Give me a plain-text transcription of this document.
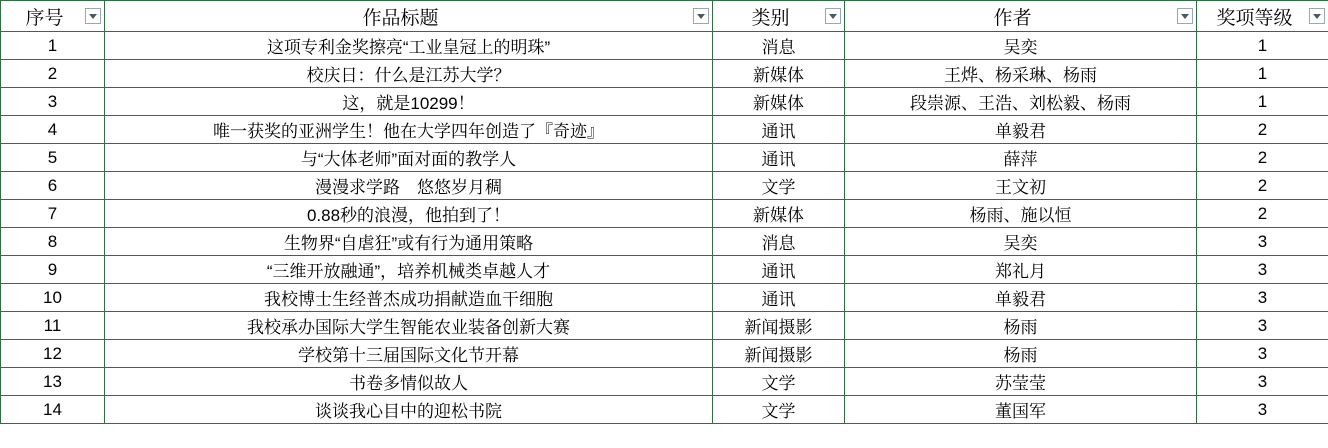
序号	作品标题	类别	作者	奖项等级

1	这项专利金奖擦亮“工业皇冠上的明珠”	消息	吴奕	1
2	校庆日：什么是江苏大学？	新媒体	王烨、杨采琳、杨雨	1
3	这，就是10299！	新媒体	段崇源、王浩、刘松毅、杨雨	1
4	唯一获奖的亚洲学生！他在大学四年创造了『奇迹』	通讯	单毅君	2
5	与“大体老师”面对面的教学人	通讯	薛萍	2
6	漫漫求学路　悠悠岁月稠	文学	王文初	2
7	0.88秒的浪漫，他拍到了！	新媒体	杨雨、施以恒	2
8	生物界“自虐狂”或有行为通用策略	消息	吴奕	3
9	“三维开放融通”，培养机械类卓越人才	通讯	郑礼月	3
10	我校博士生经普杰成功捐献造血干细胞	通讯	单毅君	3
11	我校承办国际大学生智能农业装备创新大赛	新闻摄影	杨雨	3
12	学校第十三届国际文化节开幕	新闻摄影	杨雨	3
13	书卷多情似故人	文学	苏莹莹	3
14	谈谈我心目中的迎松书院	文学	董国军	3
